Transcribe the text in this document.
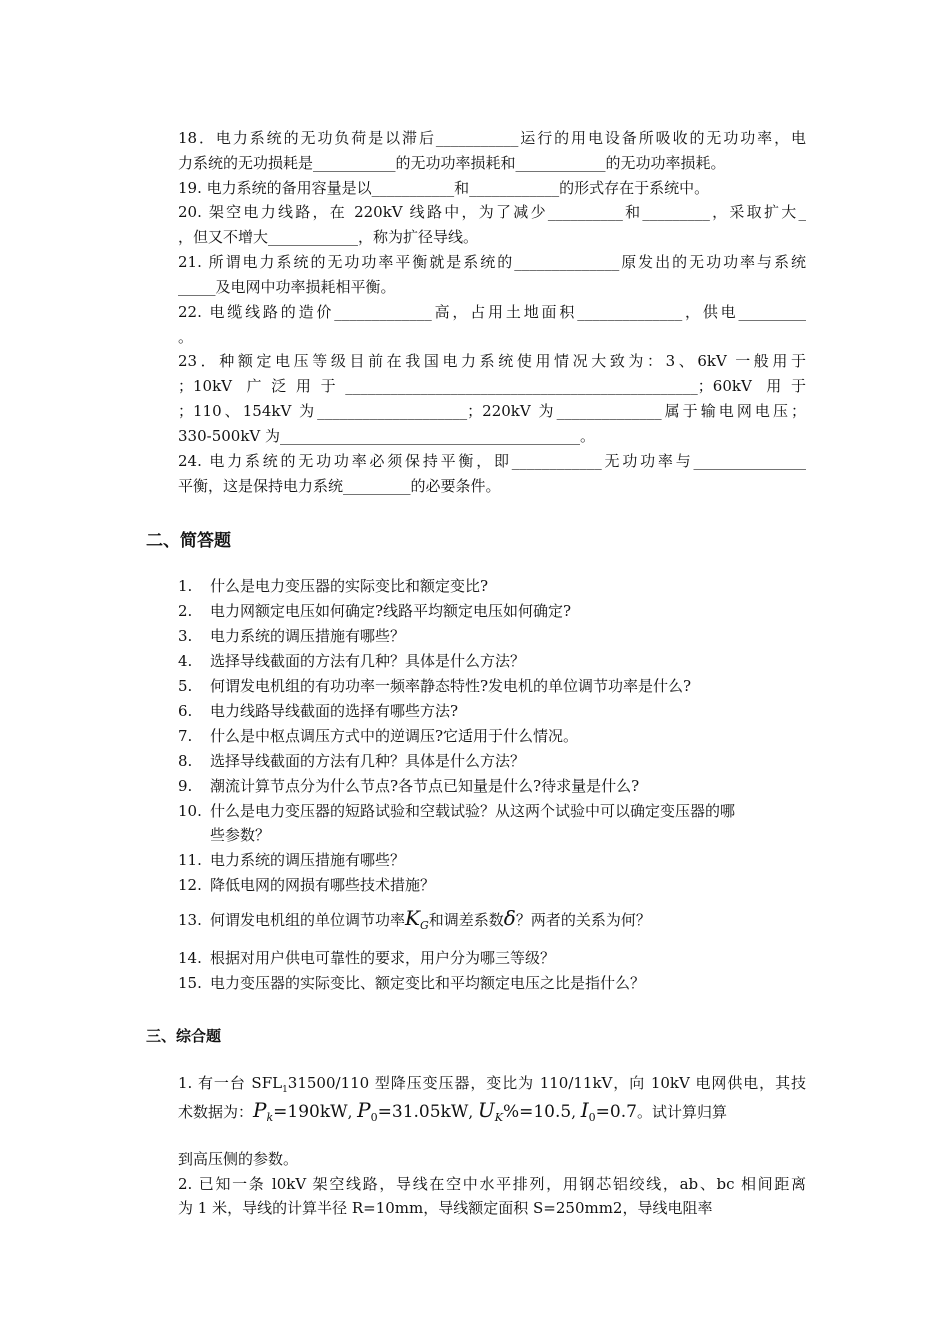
18．电力系统的无功负荷是以滞后___________运行的用电设备所吸收的无功功率，电
力系统的无功损耗是___________的无功功率损耗和____________的无功功率损耗。
19. 电力系统的备用容量是以___________和____________的形式存在于系统中。
20. 架空电力线路，在 220kV 线路中，为了减少__________和_________，采取扩大_
，但又不增大____________，称为扩径导线。
21. 所谓电力系统的无功功率平衡就是系统的______________原发出的无功功率与系统
_____及电网中功率损耗相平衡。
22. 电缆线路的造价_____________高，占用土地面积______________，供电_________
。
23．种额定电压等级目前在我国电力系统使用情况大致为：3、6kV 一般用于
；10kV 广泛用于_______________________________________________；60kV 用于
；110、154kV 为____________________；220kV 为______________属于输电网电压；
330-500kV 为________________________________________。
24. 电力系统的无功功率必须保持平衡，即____________无功功率与_______________
平衡，这是保持电力系统_________的必要条件。
二、简答题
1. 什么是电力变压器的实际变比和额定变比?
2. 电力网额定电压如何确定?线路平均额定电压如何确定?
3. 电力系统的调压措施有哪些？
4. 选择导线截面的方法有几种？具体是什么方法？
5. 何谓发电机组的有功功率一频率静态特性?发电机的单位调节功率是什么?
6. 电力线路导线截面的选择有哪些方法?
7. 什么是中枢点调压方式中的逆调压?它适用于什么情况。
8. 选择导线截面的方法有几种？具体是什么方法？
9. 潮流计算节点分为什么节点?各节点已知量是什么?待求量是什么?
10. 什么是电力变压器的短路试验和空载试验？从这两个试验中可以确定变压器的哪
些参数？
11. 电力系统的调压措施有哪些？
12. 降低电网的网损有哪些技术措施？
13. 何谓发电机组的单位调节功率$K_G$和调差系数δ？两者的关系为何？
14. 根据对用户供电可靠性的要求，用户分为哪三等级？
15. 电力变压器的实际变比、额定变比和平均额定电压之比是指什么？
三、综合题
1. 有一台 $SFL_131500/110$ 型降压变压器，变比为 110/11kV，向 10kV 电网供电，其技
术数据为：$P_k=190kW$, $P_0=31.05kW$, $U_K\%=10.5$, $I_0=0.7$。试计算归算
到高压侧的参数。
2. 已知一条 l0kV 架空线路，导线在空中水平排列，用钢芯铝绞线，ab、bc 相间距离
为 1 米，导线的计算半径 R=10mm，导线额定面积 S=250mm2，导线电阻率
